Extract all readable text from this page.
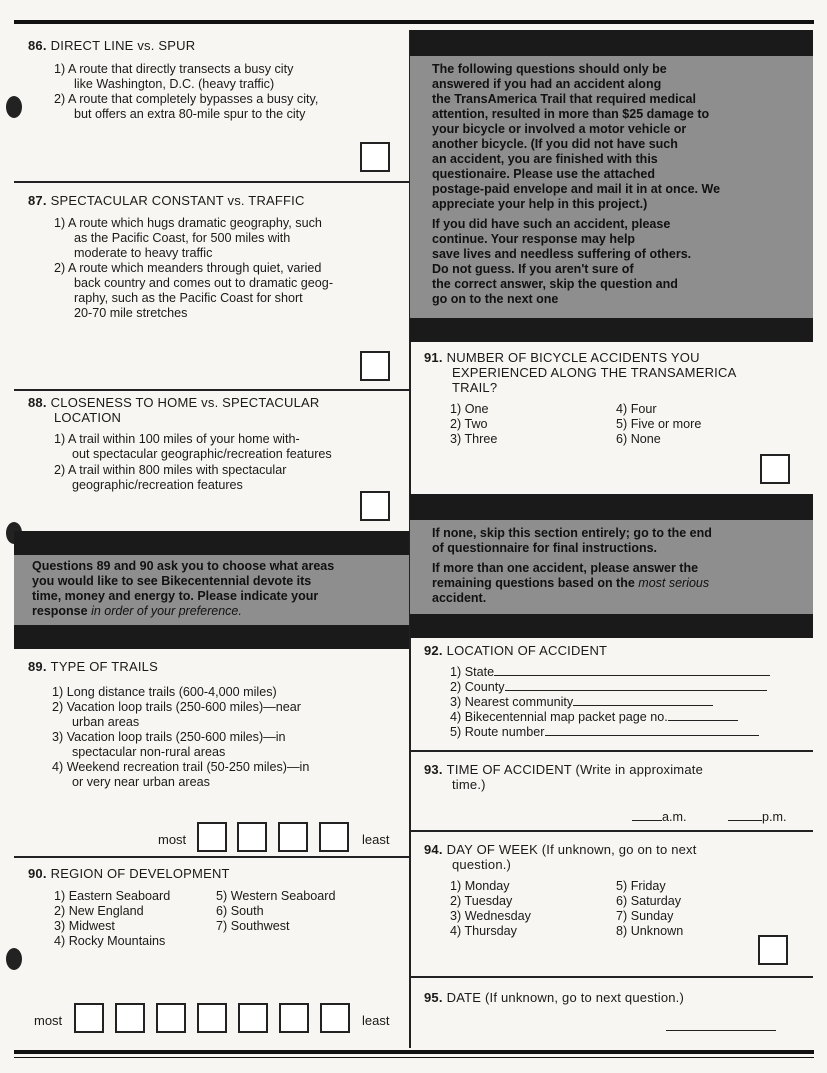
86. DIRECT LINE vs. SPUR
1) A route that directly transects a busy city
like Washington, D.C. (heavy traffic)
2) A route that completely bypasses a busy city,
but offers an extra 80-mile spur to the city
87. SPECTACULAR CONSTANT vs. TRAFFIC
1) A route which hugs dramatic geography, such
as the Pacific Coast, for 500 miles with
moderate to heavy traffic
2) A route which meanders through quiet, varied
back country and comes out to dramatic geog-
raphy, such as the Pacific Coast for short
20-70 mile stretches
88. CLOSENESS TO HOME vs. SPECTACULAR
LOCATION
1) A trail within 100 miles of your home with-
out spectacular geographic/recreation features
2) A trail within 800 miles with spectacular
geographic/recreation features
Questions 89 and 90 ask you to choose what areas
you would like to see Bikecentennial devote its
time, money and energy to. Please indicate your
response in order of your preference.
89. TYPE OF TRAILS
1) Long distance trails (600-4,000 miles)
2) Vacation loop trails (250-600 miles)—near
urban areas
3) Vacation loop trails (250-600 miles)—in
spectacular non-rural areas
4) Weekend recreation trail (50-250 miles)—in
or very near urban areas
most	least
90. REGION OF DEVELOPMENT
1) Eastern Seaboard
2) New England
3) Midwest
4) Rocky Mountains
5) Western Seaboard
6) South
7) Southwest
most	least
The following questions should only be
answered if you had an accident along
the TransAmerica Trail that required medical
attention, resulted in more than $25 damage to
your bicycle or involved a motor vehicle or
another bicycle. (If you did not have such
an accident, you are finished with this
questionaire. Please use the attached
postage-paid envelope and mail it in at once. We
appreciate your help in this project.)
If you did have such an accident, please
continue. Your response may help
save lives and needless suffering of others.
Do not guess. If you aren't sure of
the correct answer, skip the question and
go on to the next one
91. NUMBER OF BICYCLE ACCIDENTS YOU
EXPERIENCED ALONG THE TRANSAMERICA
TRAIL?
1) One
2) Two
3) Three
4) Four
5) Five or more
6) None
If none, skip this section entirely; go to the end
of questionnaire for final instructions.
If more than one accident, please answer the
remaining questions based on the most serious
accident.
92. LOCATION OF ACCIDENT
1) State
2) County
3) Nearest community
4) Bikecentennial map packet page no.
5) Route number
93. TIME OF ACCIDENT (Write in approximate
time.)
a.m.	p.m.
94. DAY OF WEEK (If unknown, go on to next
question.)
1) Monday
2) Tuesday
3) Wednesday
4) Thursday
5) Friday
6) Saturday
7) Sunday
8) Unknown
95. DATE (If unknown, go to next question.)
